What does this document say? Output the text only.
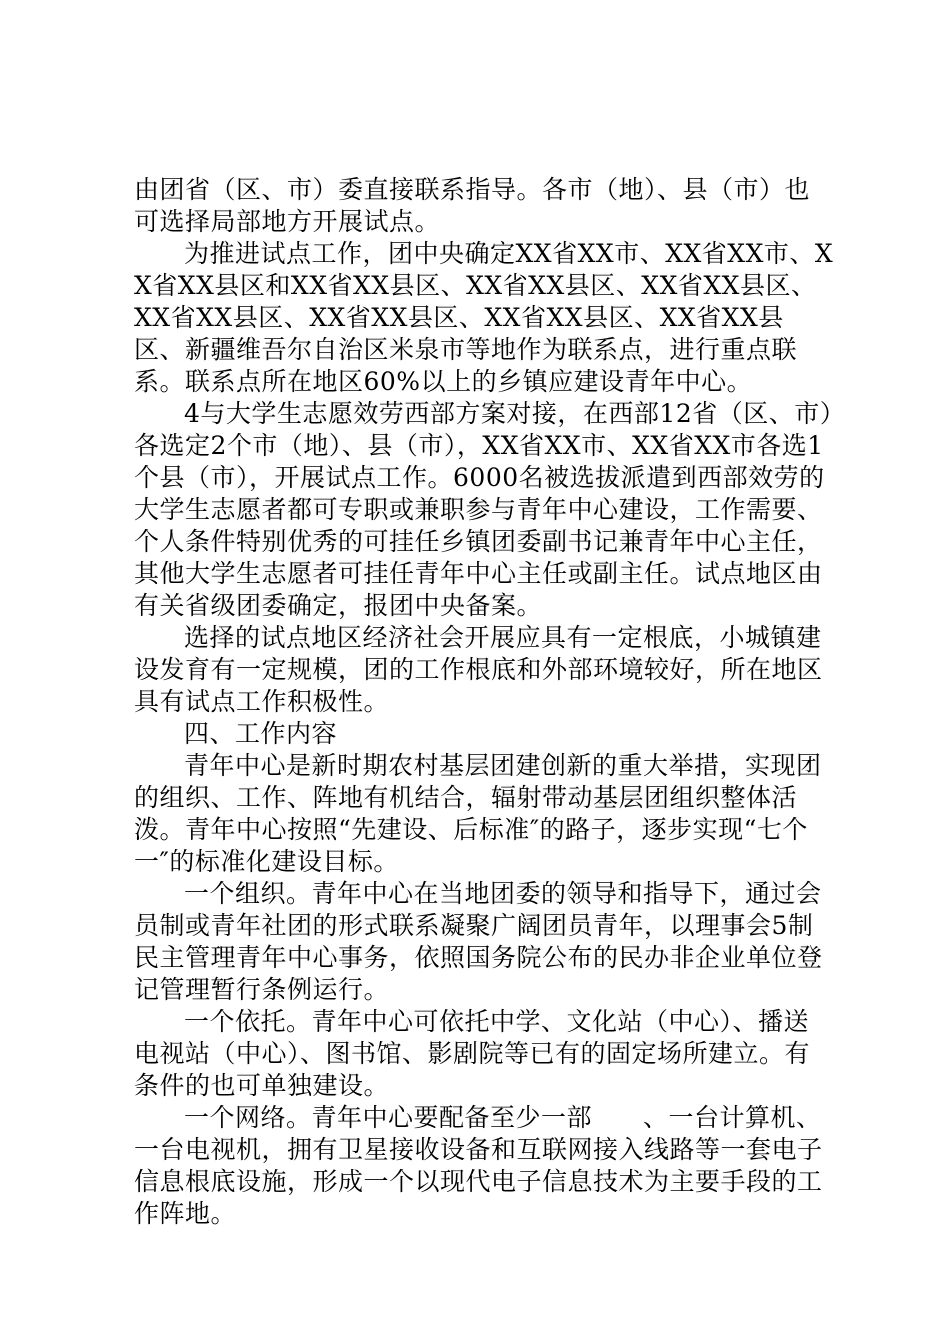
由团省（区、市）委直接联系指导。各市（地）、县（市）也可选择局部地方开展试点。

为推进试点工作，团中央确定XX省XX市、XX省XX市、XX省XX县区和XX省XX县区、XX省XX县区、XX省XX县区、XX省XX县区、XX省XX县区、XX省XX县区、XX省XX县区、新疆维吾尔自治区米泉市等地作为联系点，进行重点联系。联系点所在地区60%以上的乡镇应建设青年中心。

4与大学生志愿效劳西部方案对接，在西部12省（区、市）各选定2个市（地）、县（市），XX省XX市、XX省XX市各选1个县（市），开展试点工作。6000名被选拔派遣到西部效劳的大学生志愿者都可专职或兼职参与青年中心建设，工作需要、个人条件特别优秀的可挂任乡镇团委副书记兼青年中心主任，其他大学生志愿者可挂任青年中心主任或副主任。试点地区由有关省级团委确定，报团中央备案。

选择的试点地区经济社会开展应具有一定根底，小城镇建设发育有一定规模，团的工作根底和外部环境较好，所在地区具有试点工作积极性。

四、工作内容

青年中心是新时期农村基层团建创新的重大举措，实现团的组织、工作、阵地有机结合，辐射带动基层团组织整体活泼。青年中心按照“先建设、后标准″的路子，逐步实现“七个一″的标准化建设目标。

一个组织。青年中心在当地团委的领导和指导下，通过会员制或青年社团的形式联系凝聚广阔团员青年，以理事会5制民主管理青年中心事务，依照国务院公布的民办非企业单位登记管理暂行条例运行。

一个依托。青年中心可依托中学、文化站（中心）、播送电视站（中心）、图书馆、影剧院等已有的固定场所建立。有条件的也可单独建设。

一个网络。青年中心要配备至少一部　　、一台计算机、一台电视机，拥有卫星接收设备和互联网接入线路等一套电子信息根底设施，形成一个以现代电子信息技术为主要手段的工作阵地。
